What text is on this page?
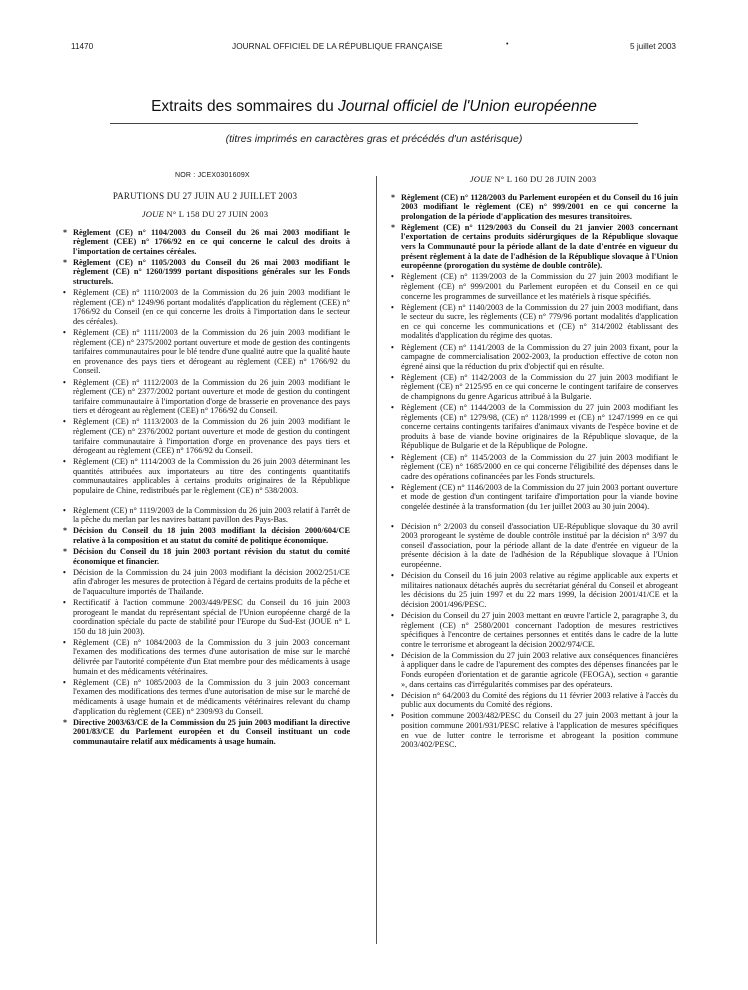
11470	JOURNAL OFFICIEL DE LA RÉPUBLIQUE FRANÇAISE	•	5 juillet 2003
Extraits des sommaires du Journal officiel de l'Union européenne
(titres imprimés en caractères gras et précédés d'un astérisque)
NOR : JCEX0301609X
PARUTIONS DU 27 JUIN AU 2 JUILLET 2003
JOUE N° L 158 DU 27 JUIN 2003
* Règlement (CE) n° 1104/2003 du Conseil du 26 mai 2003 modifiant le règlement (CEE) n° 1766/92 en ce qui concerne le calcul des droits à l'importation de certaines céréales.
* Règlement (CE) n° 1105/2003 du Conseil du 26 mai 2003 modifiant le règlement (CE) n° 1260/1999 portant dispositions générales sur les Fonds structurels.
• Règlement (CE) n° 1110/2003 de la Commission du 26 juin 2003 modifiant le règlement (CE) n° 1249/96 portant modalités d'application du règlement (CEE) n° 1766/92 du Conseil (en ce qui concerne les droits à l'importation dans le secteur des céréales).
• Règlement (CE) n° 1111/2003 de la Commission du 26 juin 2003 modifiant le règlement (CE) n° 2375/2002 portant ouverture et mode de gestion des contingents tarifaires communautaires pour le blé tendre d'une qualité autre que la qualité haute en provenance des pays tiers et dérogeant au règlement (CEE) n° 1766/92 du Conseil.
• Règlement (CE) n° 1112/2003 de la Commission du 26 juin 2003 modifiant le règlement (CE) n° 2377/2002 portant ouverture et mode de gestion du contingent tarifaire communautaire à l'importation d'orge de brasserie en provenance des pays tiers et dérogeant au règlement (CEE) n° 1766/92 du Conseil.
• Règlement (CE) n° 1113/2003 de la Commission du 26 juin 2003 modifiant le règlement (CE) n° 2376/2002 portant ouverture et mode de gestion du contingent tarifaire communautaire à l'importation d'orge en provenance des pays tiers et dérogeant au règlement (CEE) n° 1766/92 du Conseil.
• Règlement (CE) n° 1114/2003 de la Commission du 26 juin 2003 déterminant les quantités attribuées aux importateurs au titre des contingents quantitatifs communautaires applicables à certains produits originaires de la République populaire de Chine, redistribués par le règlement (CE) n° 538/2003.
• Règlement (CE) n° 1119/2003 de la Commission du 26 juin 2003 relatif à l'arrêt de la pêche du merlan par les navires battant pavillon des Pays-Bas.
* Décision du Conseil du 18 juin 2003 modifiant la décision 2000/604/CE relative à la composition et au statut du comité de politique économique.
* Décision du Conseil du 18 juin 2003 portant révision du statut du comité économique et financier.
• Décision de la Commission du 24 juin 2003 modifiant la décision 2002/251/CE afin d'abroger les mesures de protection à l'égard de certains produits de la pêche et de l'aquaculture importés de Thaïlande.
• Rectificatif à l'action commune 2003/449/PESC du Conseil du 16 juin 2003 prorogeant le mandat du représentant spécial de l'Union européenne chargé de la coordination spéciale du pacte de stabilité pour l'Europe du Sud-Est (JOUE n° L 150 du 18 juin 2003).
• Règlement (CE) n° 1084/2003 de la Commission du 3 juin 2003 concernant l'examen des modifications des termes d'une autorisation de mise sur le marché délivrée par l'autorité compétente d'un Etat membre pour des médicaments à usage humain et des médicaments vétérinaires.
• Règlement (CE) n° 1085/2003 de la Commission du 3 juin 2003 concernant l'examen des modifications des termes d'une autorisation de mise sur le marché de médicaments à usage humain et de médicaments vétérinaires relevant du champ d'application du règlement (CEE) n° 2309/93 du Conseil.
* Directive 2003/63/CE de la Commission du 25 juin 2003 modifiant la directive 2001/83/CE du Parlement européen et du Conseil instituant un code communautaire relatif aux médicaments à usage humain.
JOUE N° L 160 DU 28 JUIN 2003
* Règlement (CE) n° 1128/2003 du Parlement européen et du Conseil du 16 juin 2003 modifiant le règlement (CE) n° 999/2001 en ce qui concerne la prolongation de la période d'application des mesures transitoires.
* Règlement (CE) n° 1129/2003 du Conseil du 21 janvier 2003 concernant l'exportation de certains produits sidérurgiques de la République slovaque vers la Communauté pour la période allant de la date d'entrée en vigueur du présent règlement à la date de l'adhésion de la République slovaque à l'Union européenne (prorogation du système de double contrôle).
• Règlement (CE) n° 1139/2003 de la Commission du 27 juin 2003 modifiant le règlement (CE) n° 999/2001 du Parlement européen et du Conseil en ce qui concerne les programmes de surveillance et les matériels à risque spécifiés.
• Règlement (CE) n° 1140/2003 de la Commission du 27 juin 2003 modifiant, dans le secteur du sucre, les règlements (CE) n° 779/96 portant modalités d'application en ce qui concerne les communications et (CE) n° 314/2002 établissant des modalités d'application du régime des quotas.
• Règlement (CE) n° 1141/2003 de la Commission du 27 juin 2003 fixant, pour la campagne de commercialisation 2002-2003, la production effective de coton non égrené ainsi que la réduction du prix d'objectif qui en résulte.
• Règlement (CE) n° 1142/2003 de la Commission du 27 juin 2003 modifiant le règlement (CE) n° 2125/95 en ce qui concerne le contingent tarifaire de conserves de champignons du genre Agaricus attribué à la Bulgarie.
• Règlement (CE) n° 1144/2003 de la Commission du 27 juin 2003 modifiant les règlements (CE) n° 1279/98, (CE) n° 1128/1999 et (CE) n° 1247/1999 en ce qui concerne certains contingents tarifaires d'animaux vivants de l'espèce bovine et de produits à base de viande bovine originaires de la République slovaque, de la République de Bulgarie et de la République de Pologne.
• Règlement (CE) n° 1145/2003 de la Commission du 27 juin 2003 modifiant le règlement (CE) n° 1685/2000 en ce qui concerne l'éligibilité des dépenses dans le cadre des opérations cofinancées par les Fonds structurels.
• Règlement (CE) n° 1146/2003 de la Commission du 27 juin 2003 portant ouverture et mode de gestion d'un contingent tarifaire d'importation pour la viande bovine congelée destinée à la transformation (du 1er juillet 2003 au 30 juin 2004).
• Décision n° 2/2003 du conseil d'association UE-République slovaque du 30 avril 2003 prorogeant le système de double contrôle institué par la décision n° 3/97 du conseil d'association, pour la période allant de la date d'entrée en vigueur de la présente décision à la date de l'adhésion de la République slovaque à l'Union européenne.
• Décision du Conseil du 16 juin 2003 relative au régime applicable aux experts et militaires nationaux détachés auprès du secrétariat général du Conseil et abrogeant les décisions du 25 juin 1997 et du 22 mars 1999, la décision 2001/41/CE et la décision 2001/496/PESC.
• Décision du Conseil du 27 juin 2003 mettant en œuvre l'article 2, paragraphe 3, du règlement (CE) n° 2580/2001 concernant l'adoption de mesures restrictives spécifiques à l'encontre de certaines personnes et entités dans le cadre de la lutte contre le terrorisme et abrogeant la décision 2002/974/CE.
• Décision de la Commission du 27 juin 2003 relative aux conséquences financières à appliquer dans le cadre de l'apurement des comptes des dépenses financées par le Fonds européen d'orientation et de garantie agricole (FEOGA), section « garantie », dans certains cas d'irrégularités commises par des opérateurs.
• Décision n° 64/2003 du Comité des régions du 11 février 2003 relative à l'accès du public aux documents du Comité des régions.
• Position commune 2003/482/PESC du Conseil du 27 juin 2003 mettant à jour la position commune 2001/931/PESC relative à l'application de mesures spécifiques en vue de lutter contre le terrorisme et abrogeant la position commune 2003/402/PESC.
